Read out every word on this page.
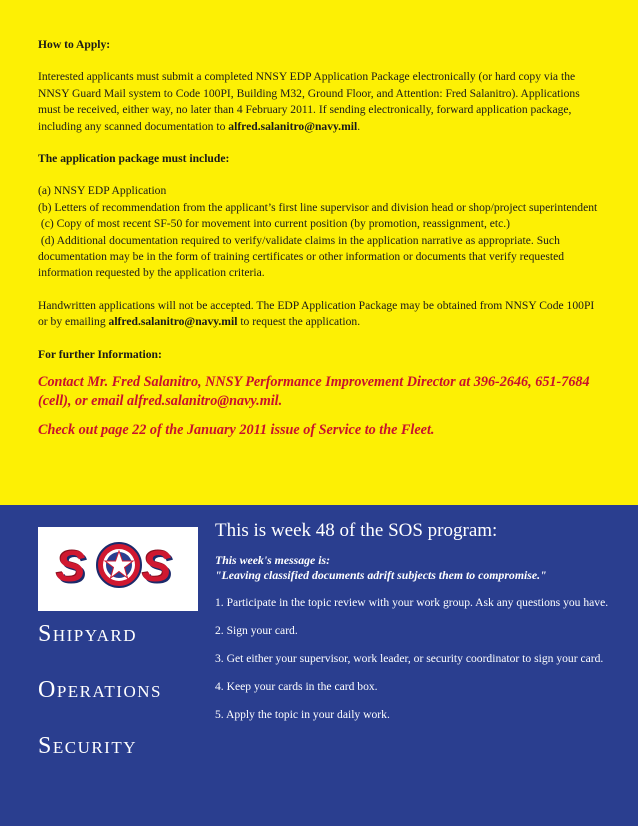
How to Apply:

Interested applicants must submit a completed NNSY EDP Application Package electronically (or hard copy via the NNSY Guard Mail system to Code 100PI, Building M32, Ground Floor, and Attention: Fred Salanitro). Applications must be received, either way, no later than 4 February 2011. If sending electronically, forward application package, including any scanned documentation to alfred.salanitro@navy.mil.

The application package must include:

(a) NNSY EDP Application

(b) Letters of recommendation from the applicant’s first line supervisor and division head or shop/project superintendent

(c) Copy of most recent SF-50 for movement into current position (by promotion, reassignment, etc.)

(d) Additional documentation required to verify/validate claims in the application narrative as appropriate. Such documentation may be in the form of training certificates or other information or documents that verify requested information requested by the application criteria.

Handwritten applications will not be accepted. The EDP Application Package may be obtained from NNSY Code 100PI or by emailing alfred.salanitro@navy.mil to request the application.

For further Information:

Contact Mr. Fred Salanitro, NNSY Performance Improvement Director at 396-2646, 651-7684 (cell), or email alfred.salanitro@navy.mil.

Check out page 22 of the January 2011 issue of Service to the Fleet.

S S
Shipyard
Operations
Security

This is week 48 of the SOS program:

This week's message is:

"Leaving classified documents adrift subjects them to compromise."

1. Participate in the topic review with your work group. Ask any questions you have.
2. Sign your card.
3. Get either your supervisor, work leader, or security coordinator to sign your card.
4. Keep your cards in the card box.
5. Apply the topic in your daily work.
